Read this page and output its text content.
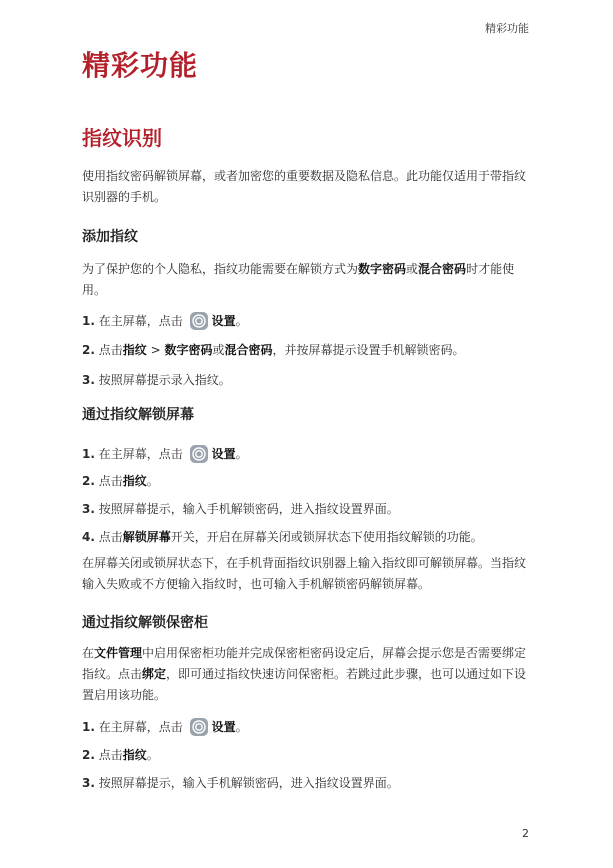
精彩功能
精彩功能
指纹识别

使用指纹密码解锁屏幕，或者加密您的重要数据及隐私信息。此功能仅适用于带指纹识别器的手机。

添加指纹

为了保护您的个人隐私，指纹功能需要在解锁方式为数字密码或混合密码时才能使用。

1. 在主屏幕，点击
设置。
2. 点击指纹 > 数字密码或混合密码，并按屏幕提示设置手机解锁密码。
3. 按照屏幕提示录入指纹。
通过指纹解锁屏幕
1. 在主屏幕，点击
设置。
2. 点击指纹。
3. 按照屏幕提示，输入手机解锁密码，进入指纹设置界面。
4. 点击解锁屏幕开关，开启在屏幕关闭或锁屏状态下使用指纹解锁的功能。

在屏幕关闭或锁屏状态下，在手机背面指纹识别器上输入指纹即可解锁屏幕。当指纹输入失败或不方便输入指纹时，也可输入手机解锁密码解锁屏幕。

通过指纹解锁保密柜

在文件管理中启用保密柜功能并完成保密柜密码设定后，屏幕会提示您是否需要绑定指纹。点击绑定，即可通过指纹快速访问保密柜。若跳过此步骤，也可以通过如下设置启用该功能。

1. 在主屏幕，点击
设置。
2. 点击指纹。
3. 按照屏幕提示，输入手机解锁密码，进入指纹设置界面。
2
